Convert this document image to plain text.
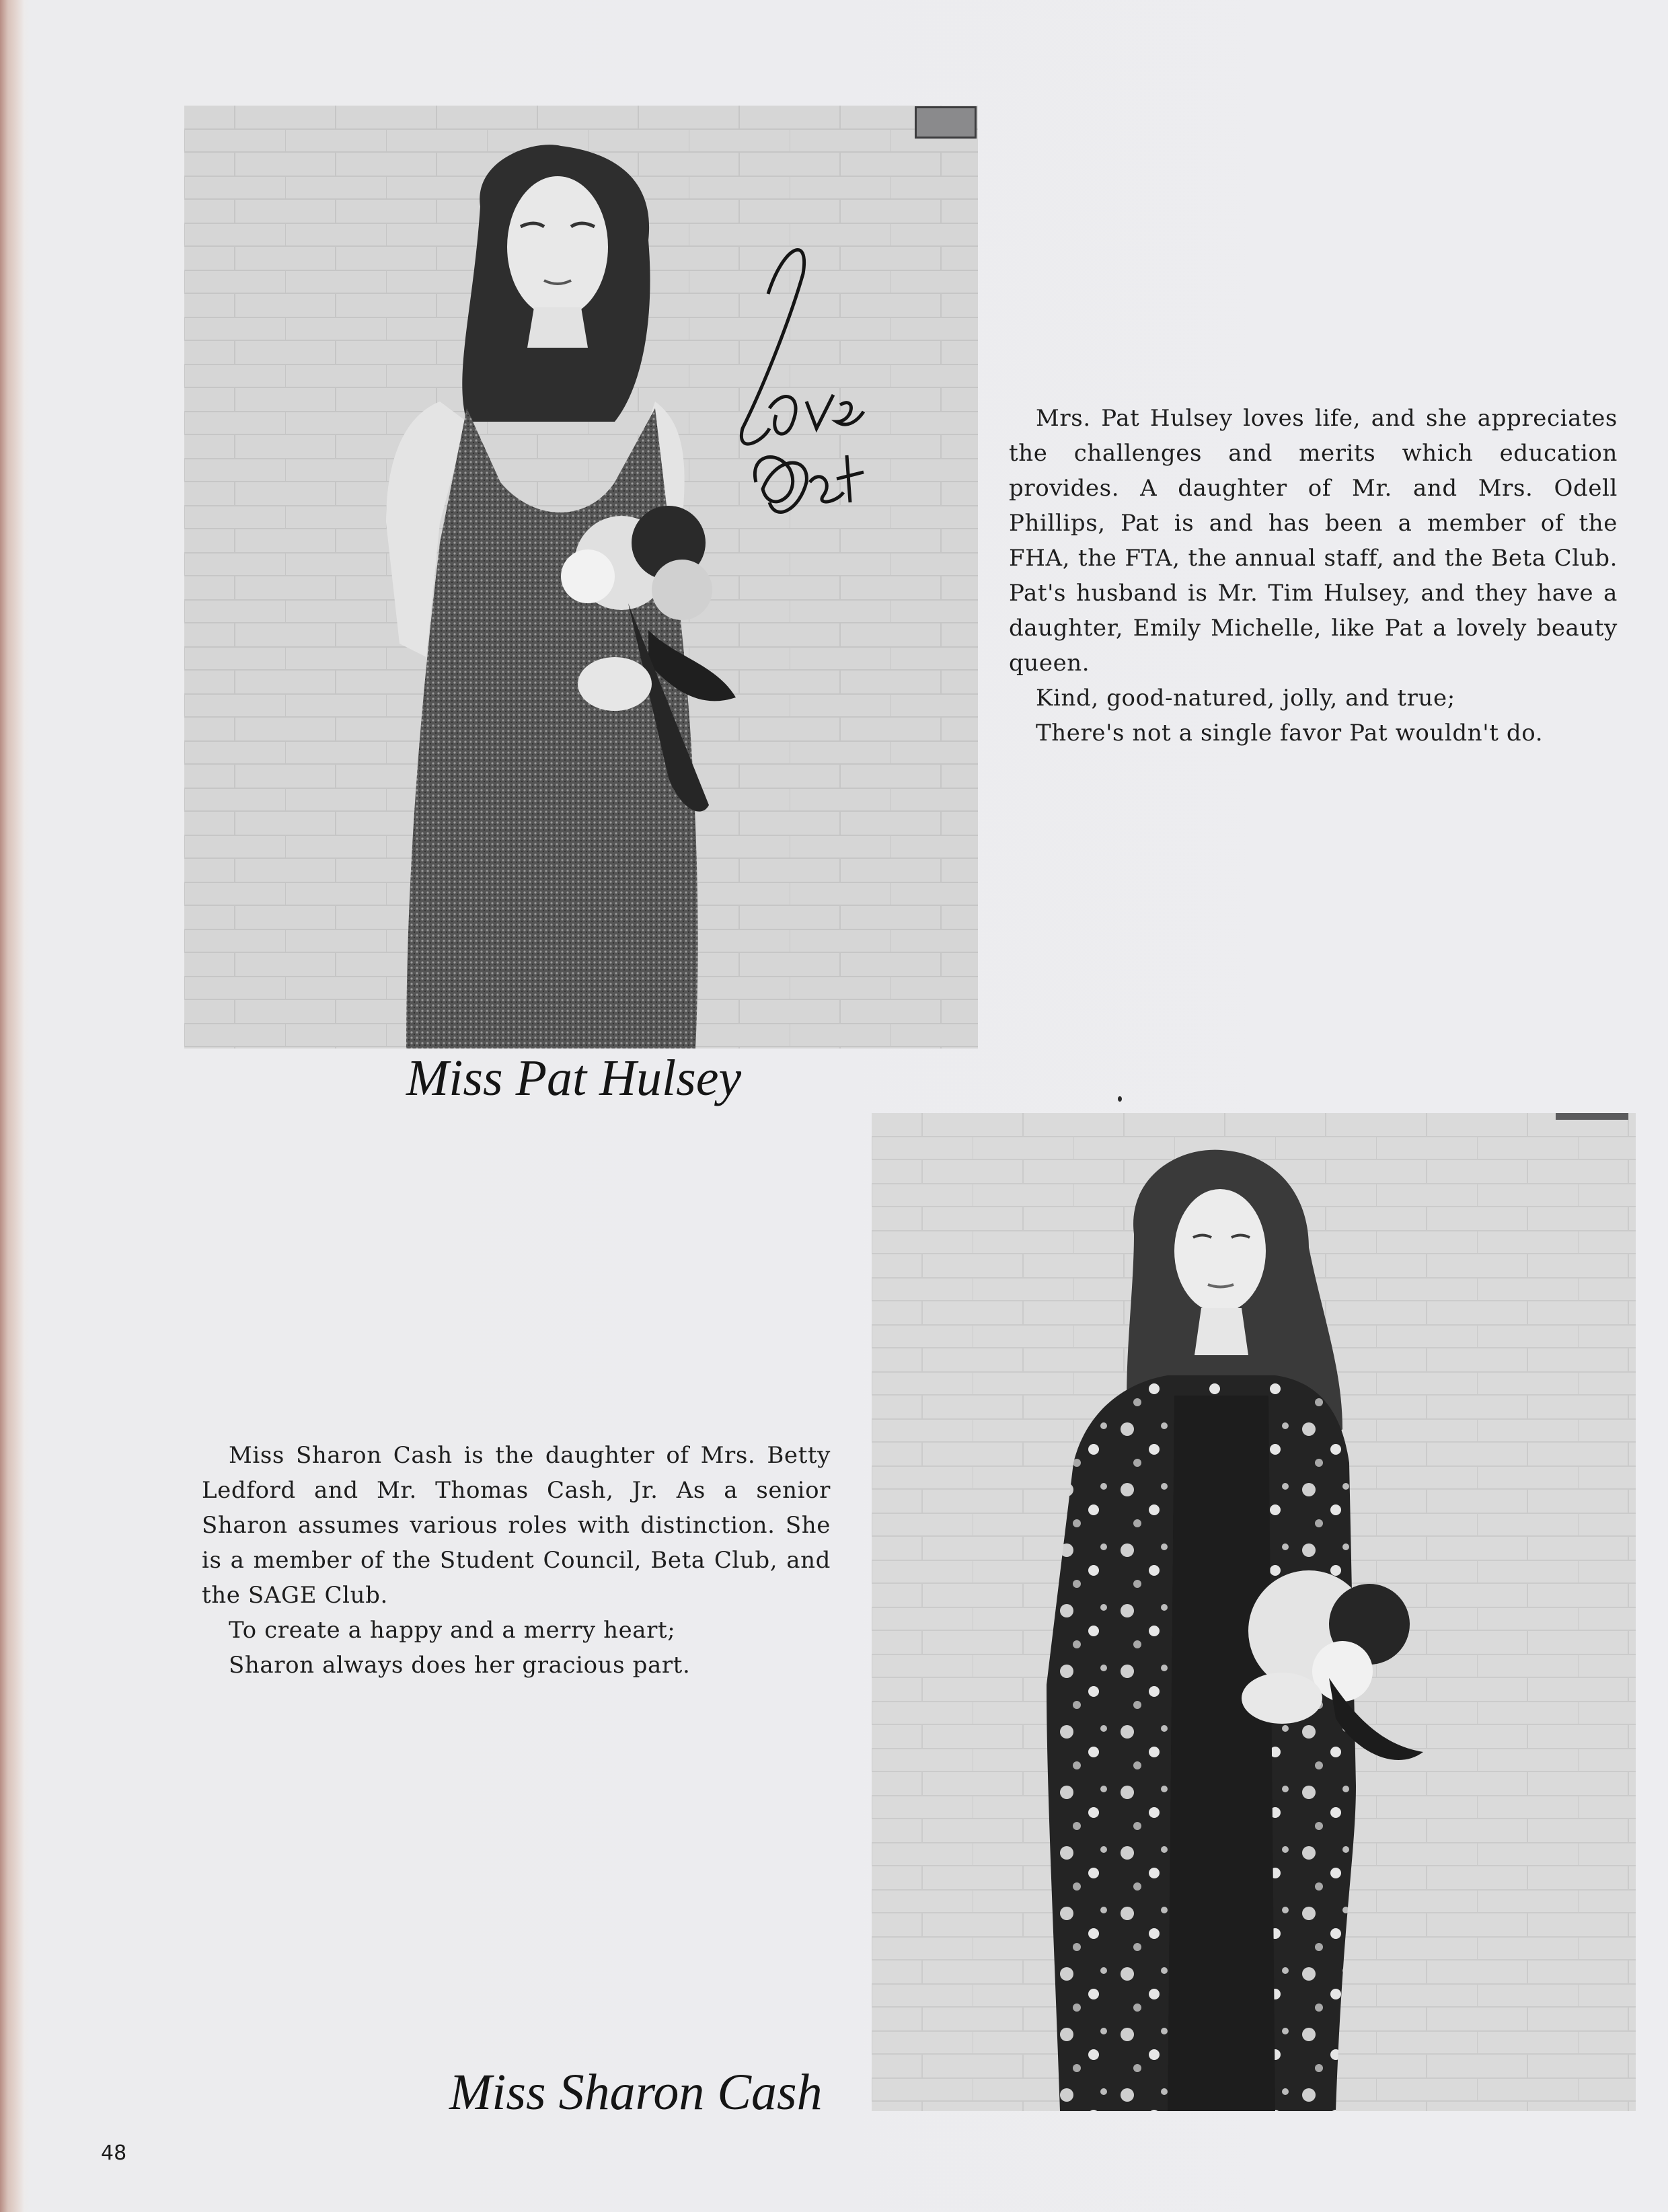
Miss Pat Hulsey

Mrs. Pat Hulsey loves life, and she appreciates the challenges and merits which education provides. A daughter of Mr. and Mrs. Odell Phillips, Pat is and has been a member of the FHA, the FTA, the annual staff, and the Beta Club. Pat's husband is Mr. Tim Hulsey, and they have a daughter, Emily Michelle, like Pat a lovely beauty queen.

Kind, good-natured, jolly, and true;
There's not a single favor Pat wouldn't do.

Miss Sharon Cash is the daughter of Mrs. Betty Ledford and Mr. Thomas Cash, Jr. As a senior Sharon assumes various roles with distinction. She is a member of the Student Council, Beta Club, and the SAGE Club.

To create a happy and a merry heart;
Sharon always does her gracious part.
Miss Sharon Cash
48
